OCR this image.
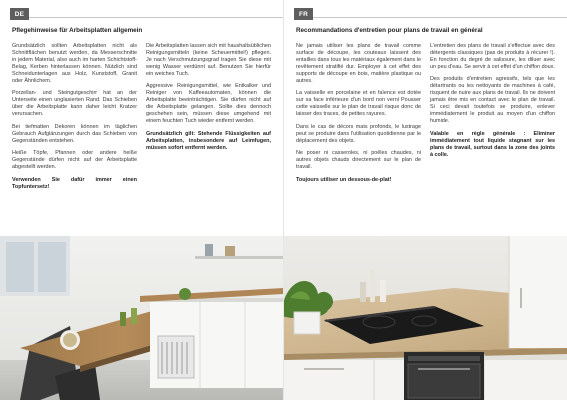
DE
Pflegehinweise für Arbeitsplatten allgemein

Grundsätzlich sollten Arbeitsplatten nicht als Schnittflächen benutzt werden, da Messerschnitte in jedem Material, also auch im harten Schichtstoff-Belag, Kerben hinterlassen können. Nützlich sind Schneidunterlagen aus Holz, Kunststoff, Granit oder Ähnlichem.

Porzellan- und Steingutgeschirr hat an der Unterseite einen unglasierten Rand. Das Schieben über die Arbeitsplatte kann daher leicht Kratzer verursachen.

Bei tiefmatten Dekoren können im täglichen Gebrauch Aufglänzungen durch das Schieben von Gegenständen entstehen.

Heiße Töpfe, Pfannen oder andere heiße Gegenstände dürfen nicht auf der Arbeitsplatte abgestellt werden.

Verwenden Sie dafür immer einen Topfuntersetz!

Die Arbeitsplatten lassen sich mit haushaltsüblichen Reinigungsmitteln (keine Scheuermittel!) pflegen. Je nach Verschmutzungsgrad tragen Sie diese mit wenig Wasser verdünnt auf. Benutzen Sie hierfür ein weiches Tuch.

Aggressive Reinigungsmittel, wie Entkalker und Reiniger von Kaffeeautomaten, können die Arbeitsplatte beeinträchtigen. Sie dürfen nicht auf die Arbeitsplatte gelangen. Sollte dies dennoch geschehen sein, müssen diese umgehend mit einem feuchten Tuch wieder entfernt werden.

Grundsätzlich gilt: Stehende Flüssigkeiten auf Arbeitsplatten, insbesondere auf Leimfugen, müssen sofort entfernt werden.

FR
Recommandations d'entretien pour plans de travail en général

Ne jamais utiliser les plans de travail comme surface de découpe, les couteaux laissent des entailles dans tous les matériaux également dans le revêtement stratifié dur. Employer à cet effet des supports de découpe en bois, matière plastique ou autres.

La vaisselle en porcelaine et en faïence est dotée sur sa face inférieure d'un bord non verni Pousser cette vaisselle sur le plan de travail risque donc de laisser des traces, de petites rayures.

Dans le cas de décors mats profonds, le lustrage peut se produire dans l'utilisation quotidienne par le déplacement des objets.

Ne poser ni casseroles, ni poêles chaudes, ni autres objets chauds directement sur le plan de travail.

Toujours utiliser un dessous-de-plat!

L'entretien des plans de travail s'effectue avec des détergents classiques (pas de produits à récurer !). En fonction du degré de salissure, les diluer avec un peu d'eau. Se servir à cet effet d'un chiffon doux.

Des produits d'entretien agressifs, tels que les détartrants ou les nettoyants de machines à café, risquent de nuire aux plans de travail. Ils ne doivent jamais être mis en contact avec le plan de travail. Si ceci devait toutefois se produire, enlever immédiatement le produit au moyen d'un chiffon humide.

Valable en règle générale : Eliminer immédiatement tout liquide stagnant sur les plans de travail, surtout dans la zone des joints à colle.
